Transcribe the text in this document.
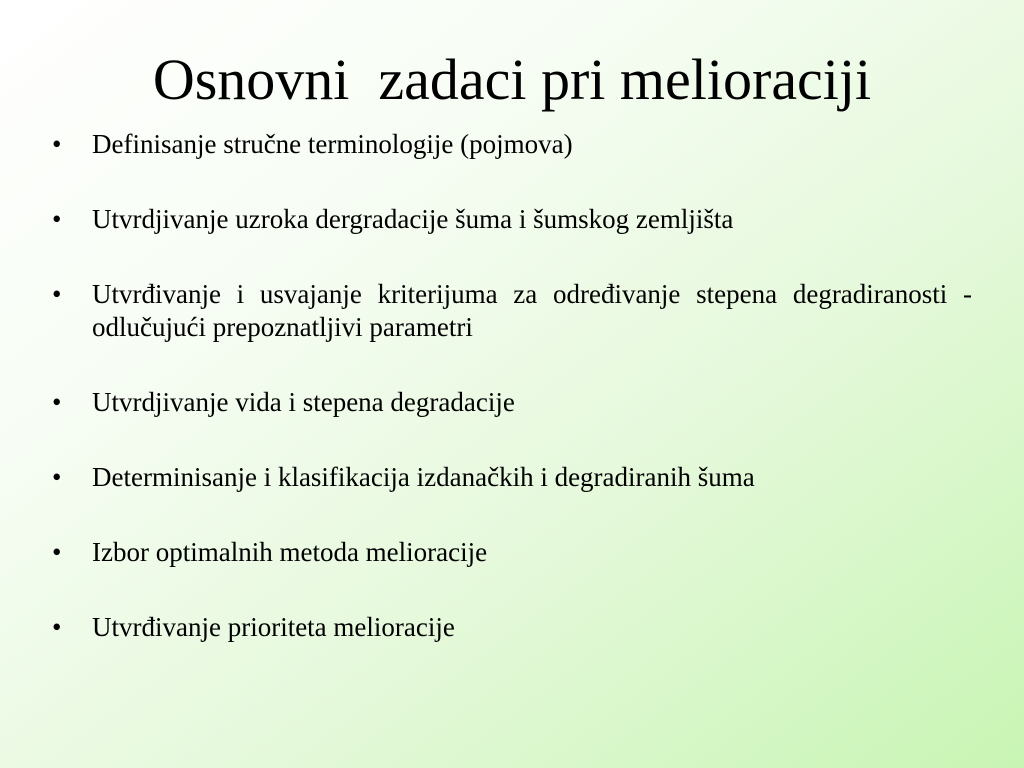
Osnovni  zadaci pri melioraciji
•	Definisanje stručne terminologije (pojmova)
•	Utvrdjivanje uzroka dergradacije šuma i šumskog zemljišta
•	Utvrđivanje i usvajanje kriterijuma za određivanje stepena degradiranosti - odlučujući prepoznatljivi parametri
•	Utvrdjivanje vida i stepena degradacije
•	Determinisanje i klasifikacija izdanačkih i degradiranih šuma
•	Izbor optimalnih metoda melioracije
•	Utvrđivanje prioriteta melioracije
